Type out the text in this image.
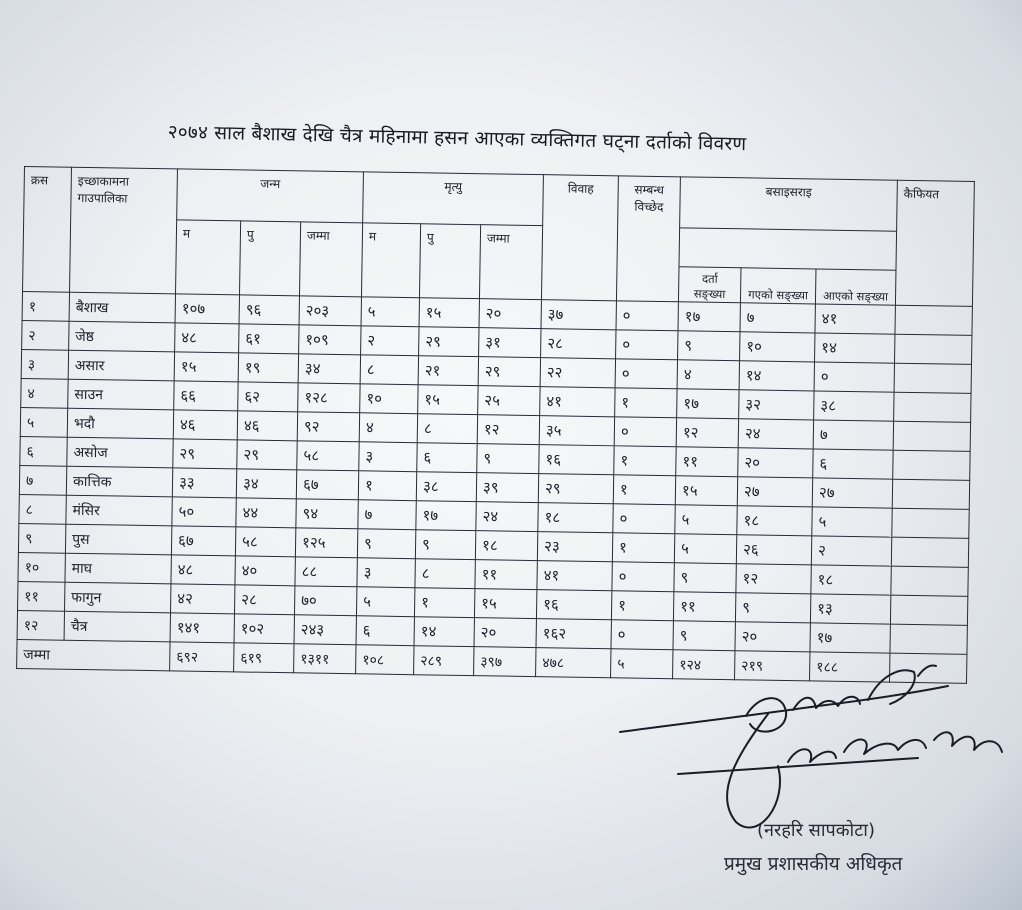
२०७४ साल बैशाख देखि चैत्र महिनामा हसन आएका व्यक्तिगत घट्ना दर्ताको विवरण
क्रस	इच्छाकामना गाउपालिका	जन्म			मृत्यु			विवाह	सम्बन्ध विच्छेद	बसाइसराइ			कैफियत
		म	पु	जम्मा	म	पु	जम्मा						
										दर्ता सङ्ख्या	गएको सङ्ख्या	आएको सङ्ख्या	
१	बैशाख	१०७	९६	२०३	५	१५	२०	३७	०	१७	७	४१	
२	जेष्ठ	४८	६१	१०९	२	२९	३१	२८	०	९	१०	१४	
३	असार	१५	१९	३४	८	२१	२९	२२	०	४	१४	०	
४	साउन	६६	६२	१२८	१०	१५	२५	४१	१	१७	३२	३८	
५	भदौ	४६	४६	९२	४	८	१२	३५	०	१२	२४	७	
६	असोज	२९	२९	५८	३	६	९	१६	१	११	२०	६	
७	कात्तिक	३३	३४	६७	१	३८	३९	२९	१	१५	२७	२७	
८	मंसिर	५०	४४	९४	७	१७	२४	१८	०	५	१८	५	
९	पुस	६७	५८	१२५	९	९	१८	२३	१	५	२६	२	
१०	माघ	४८	४०	८८	३	८	११	४१	०	९	१२	१८	
११	फागुन	४२	२८	७०	५	१	१५	१६	१	११	९	१३	
१२	चैत्र	१४१	१०२	२४३	६	१४	२०	१६२	०	९	२०	१७	
जम्मा		६९२	६१९	१३११	१०८	२८९	३९७	४७८	५	१२४	२१९	१८८	
(नरहरि सापकोटा)
प्रमुख प्रशासकीय अधिकृत
